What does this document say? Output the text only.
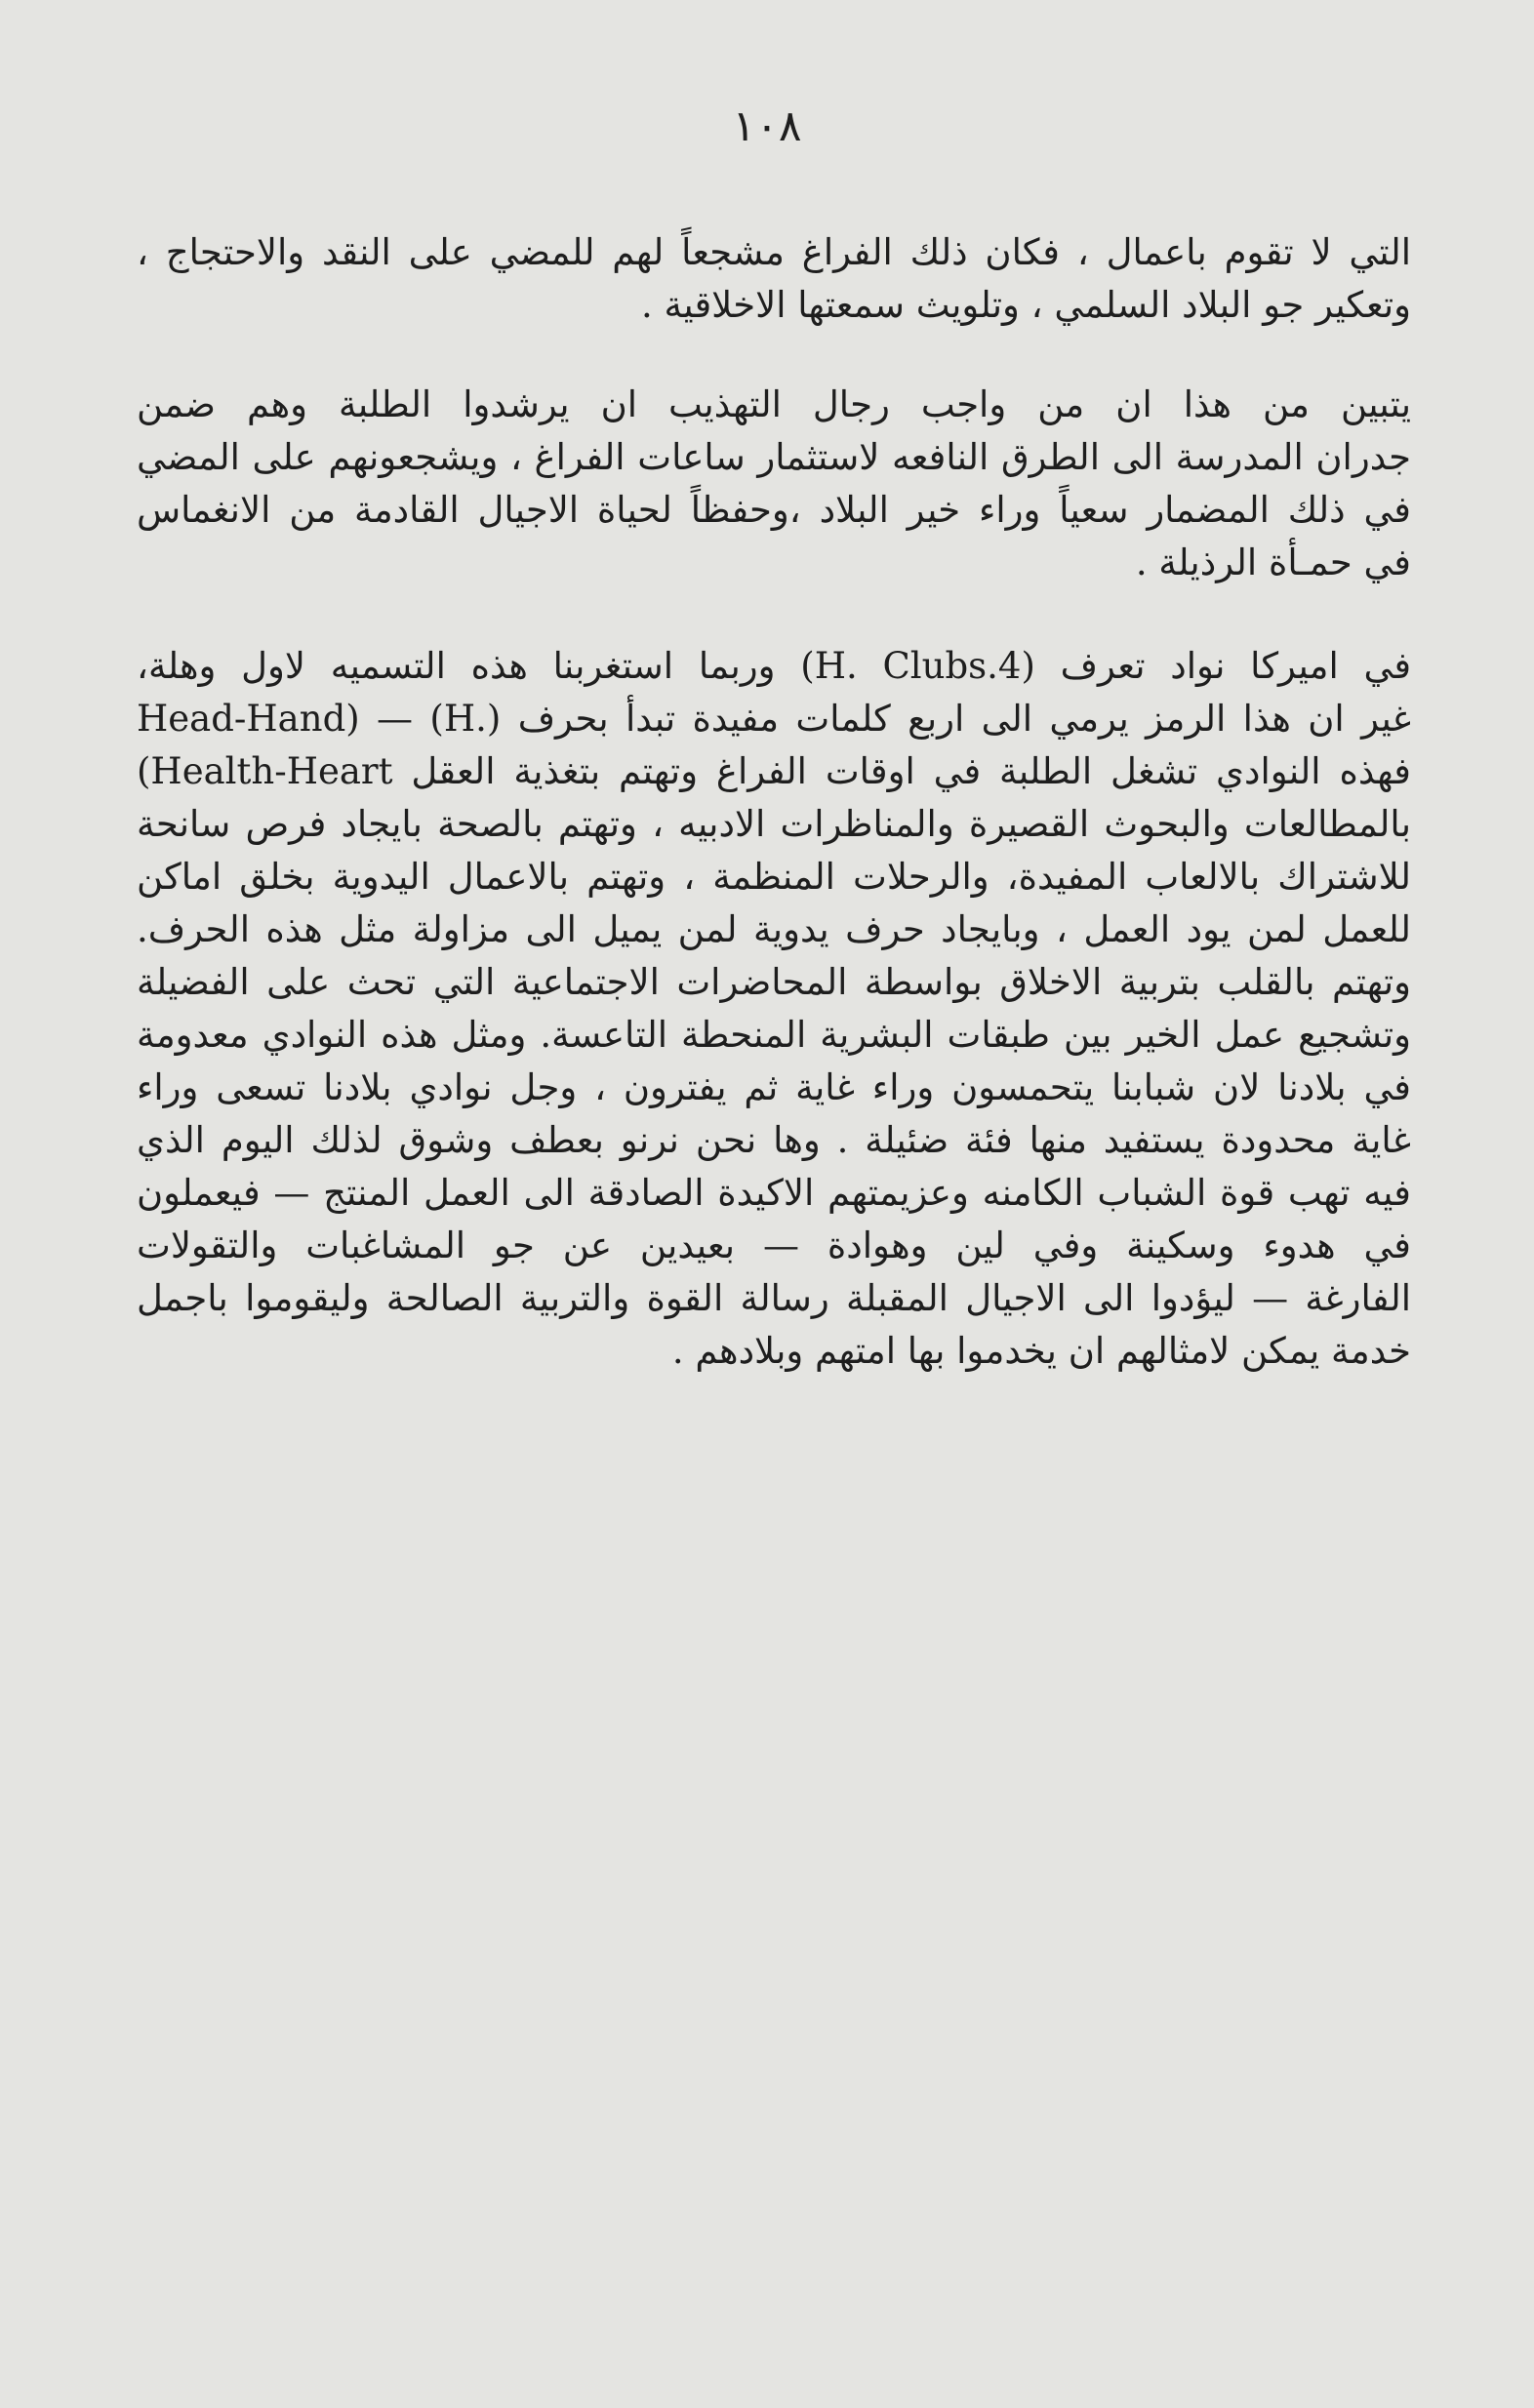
١٠٨
التي لا تقوم باعمال ، فكان ذلك الفراغ مشجعاً لهم للمضي على النقد والاحتجاج ،
وتعكير جو البلاد السلمي ، وتلويث سمعتها الاخلاقية .
يتبين من هذا ان من واجب رجال التهذيب ان يرشدوا الطلبة وهم ضمن
جدران المدرسة الى الطرق النافعه لاستثمار ساعات الفراغ ، ويشجعونهم على المضي
في ذلك المضمار سعياً وراء خير البلاد ،وحفظاً لحياة الاجيال القادمة من الانغماس
في حمـأة الرذيلة .
في اميركا نواد تعرف (4.H. Clubs) وربما استغربنا هذه التسميه لاول وهلة،
غير ان هذا الرمز يرمي الى اربع كلمات مفيدة تبدأ بحرف (.H) — (Head-Hand
(Health-Heart فهذه النوادي تشغل الطلبة في اوقات الفراغ وتهتم بتغذية العقل
بالمطالعات والبحوث القصيرة والمناظرات الادبيه ، وتهتم بالصحة بايجاد فرص سانحة
للاشتراك بالالعاب المفيدة، والرحلات المنظمة ، وتهتم بالاعمال اليدوية بخلق اماكن
للعمل لمن يود العمل ، وبايجاد حرف يدوية لمن يميل الى مزاولة مثل هذه الحرف.
وتهتم بالقلب بتربية الاخلاق بواسطة المحاضرات الاجتماعية التي تحث على الفضيلة
وتشجيع عمل الخير بين طبقات البشرية المنحطة التاعسة. ومثل هذه النوادي معدومة
في بلادنا لان شبابنا يتحمسون وراء غاية ثم يفترون ، وجل نوادي بلادنا تسعى وراء
غاية محدودة يستفيد منها فئة ضئيلة . وها نحن نرنو بعطف وشوق لذلك اليوم الذي
فيه تهب قوة الشباب الكامنه وعزيمتهم الاكيدة الصادقة الى العمل المنتج — فيعملون
في هدوء وسكينة وفي لين وهوادة — بعيدين عن جو المشاغبات والتقولات
الفارغة — ليؤدوا الى الاجيال المقبلة رسالة القوة والتربية الصالحة وليقوموا باجمل
خدمة يمكن لامثالهم ان يخدموا بها امتهم وبلادهم .
